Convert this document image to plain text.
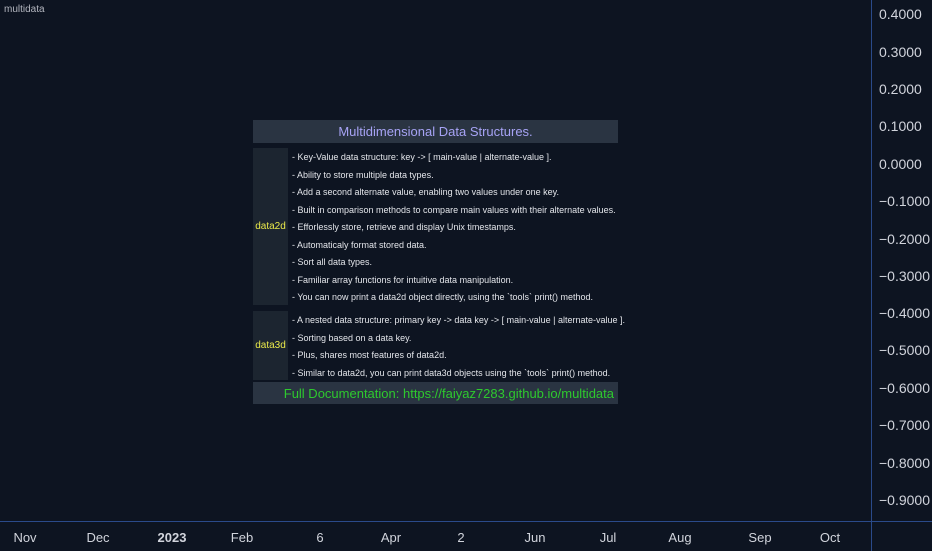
multidata
Multidimensional Data Structures.
data2d
- Key-Value data structure: key -> [ main-value | alternate-value ].
- Ability to store multiple data types.
- Add a second alternate value, enabling two values under one key.
- Built in comparison methods to compare main values with their alternate values.
- Efforlessly store, retrieve and display Unix timestamps.
- Automaticaly format stored data.
- Sort all data types.
- Familiar array functions for intuitive data manipulation.
- You can now print a data2d object directly, using the `tools` print() method.
data3d
- A nested data structure: primary key -> data key -> [ main-value | alternate-value ].
- Sorting based on a data key.
- Plus, shares most features of data2d.
- Similar to data2d, you can print data3d objects using the `tools` print() method.
Full Documentation: https://faiyaz7283.github.io/multidata
0.4000
0.3000
0.2000
0.1000
0.0000
−0.1000
−0.2000
−0.3000
−0.4000
−0.5000
−0.6000
−0.7000
−0.8000
−0.9000
Nov	Dec	2023	Feb	6	Apr	2	Jun	Jul	Aug	Sep	Oct
